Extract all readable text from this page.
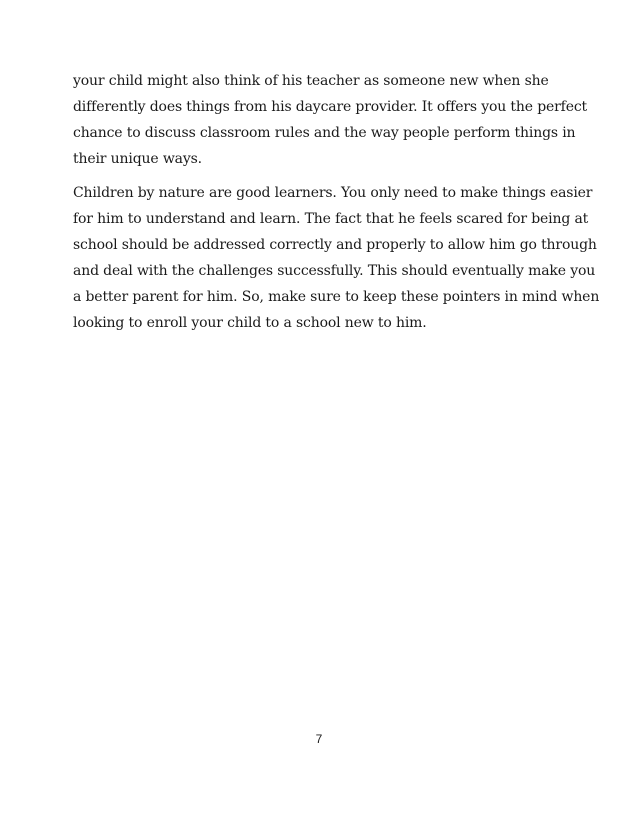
your child might also think of his teacher as someone new when she
differently does things from his daycare provider. It offers you the perfect
chance to discuss classroom rules and the way people perform things in
their unique ways.
Children by nature are good learners. You only need to make things easier
for him to understand and learn. The fact that he feels scared for being at
school should be addressed correctly and properly to allow him go through
and deal with the challenges successfully. This should eventually make you
a better parent for him. So, make sure to keep these pointers in mind when
looking to enroll your child to a school new to him.
7
